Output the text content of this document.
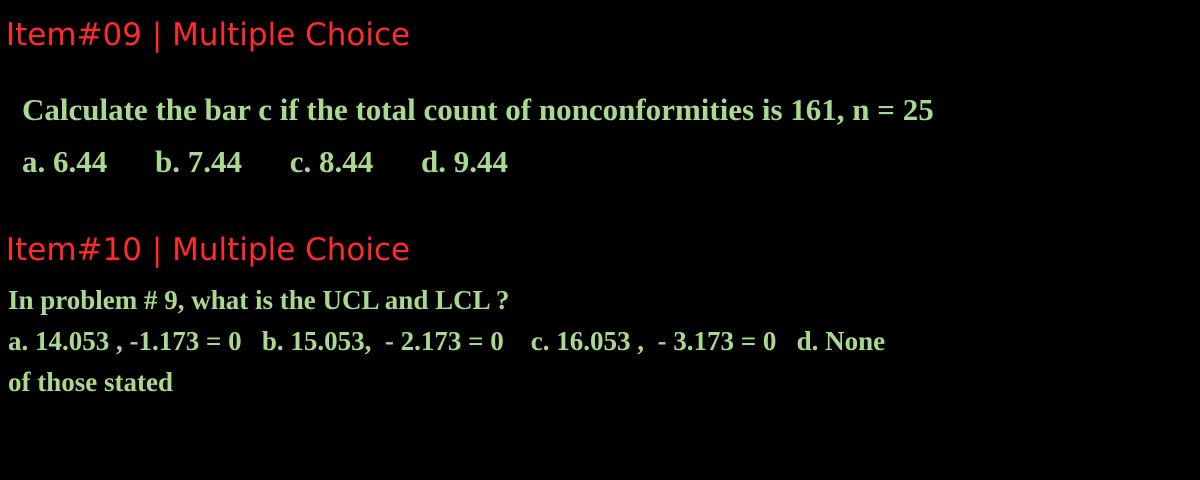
Item#09 | Multiple Choice
Calculate the bar c if the total count of nonconformities is 161, n = 25
a. 6.44 b. 7.44 c. 8.44 d. 9.44
Item#10 | Multiple Choice
In problem # 9, what is the UCL and LCL ?
a. 14.053 , -1.173 = 0   b. 15.053,  - 2.173 = 0    c. 16.053 ,  - 3.173 = 0   d. None
of those stated
